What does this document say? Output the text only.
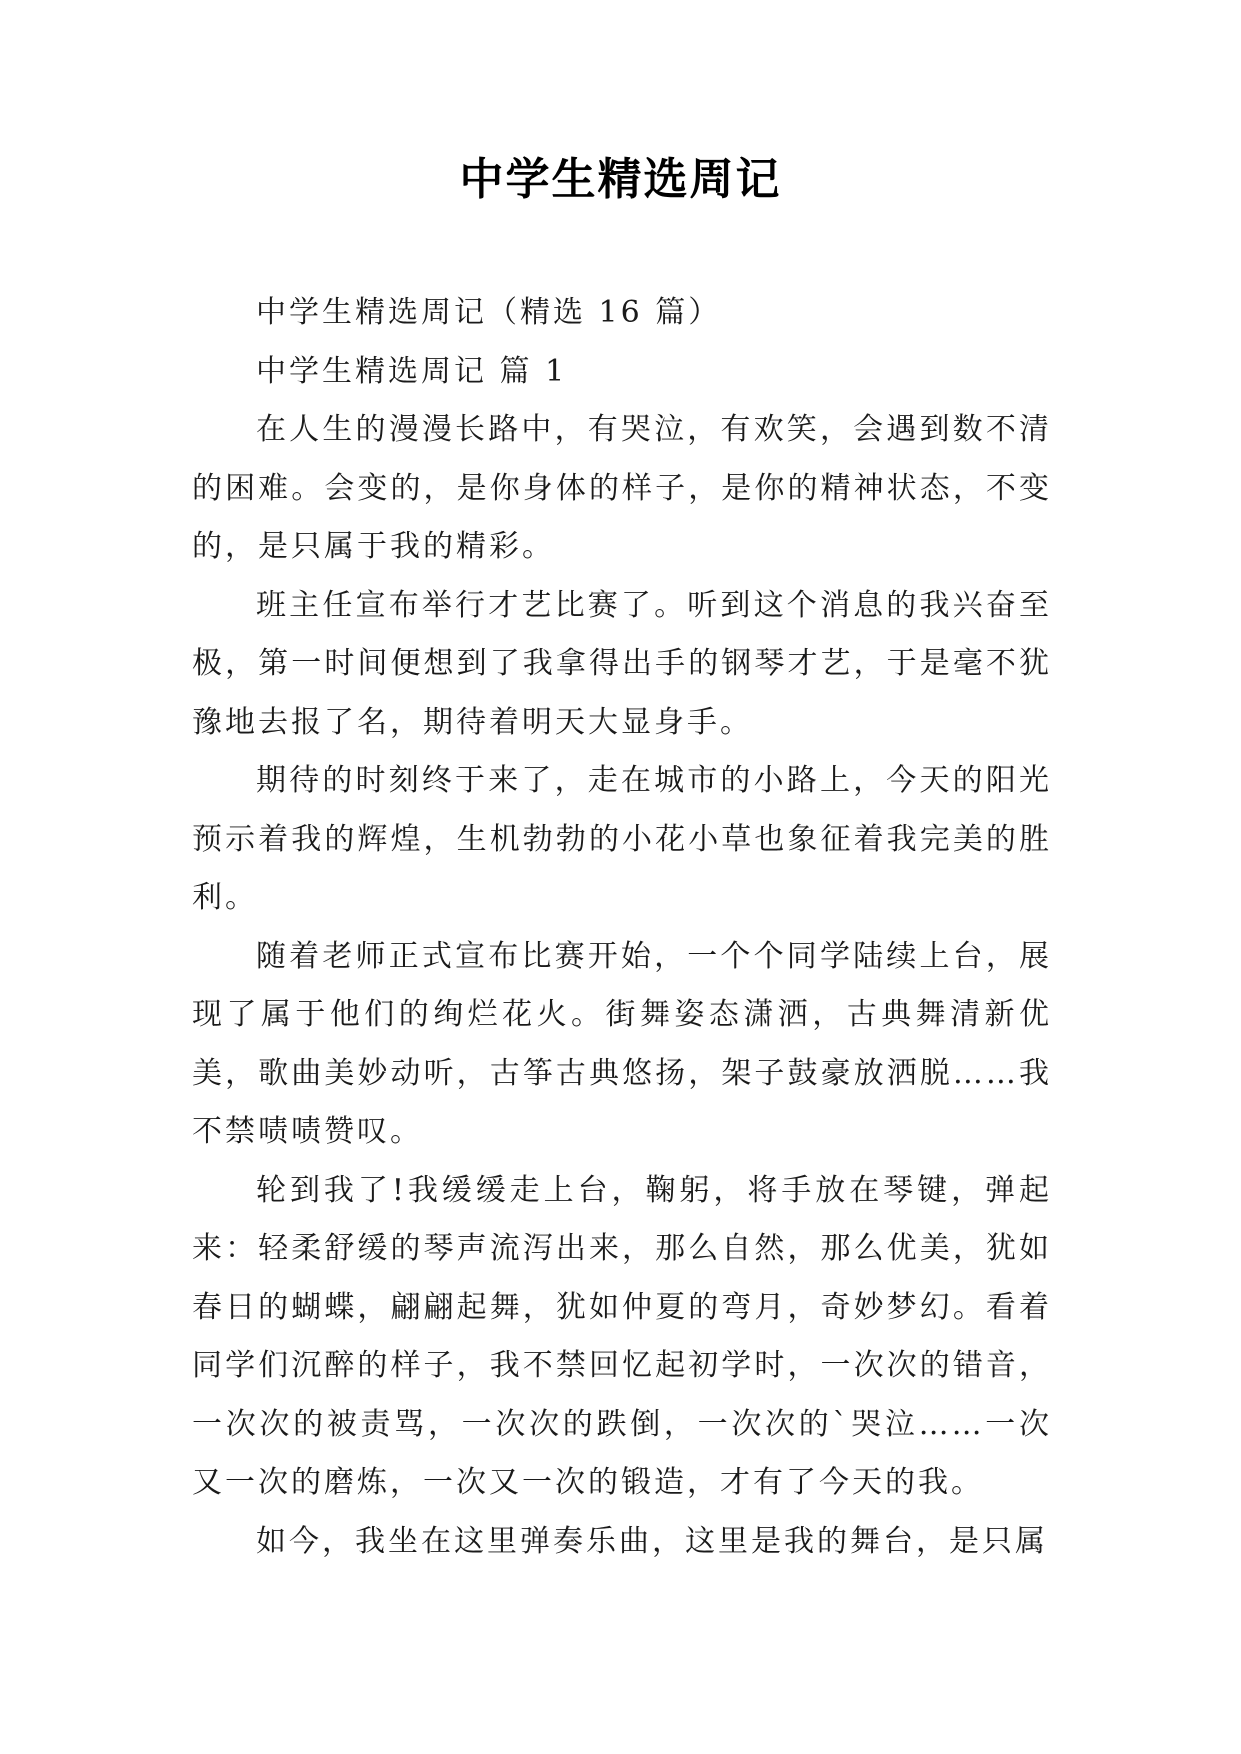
中学生精选周记

中学生精选周记（精选 16 篇）

中学生精选周记 篇 1

在人生的漫漫长路中，有哭泣，有欢笑，会遇到数不清的困难。会变的，是你身体的样子，是你的精神状态，不变的，是只属于我的精彩。

班主任宣布举行才艺比赛了。听到这个消息的我兴奋至极，第一时间便想到了我拿得出手的钢琴才艺，于是毫不犹豫地去报了名，期待着明天大显身手。

期待的时刻终于来了，走在城市的小路上，今天的阳光预示着我的辉煌，生机勃勃的小花小草也象征着我完美的胜利。

随着老师正式宣布比赛开始，一个个同学陆续上台，展现了属于他们的绚烂花火。街舞姿态潇洒，古典舞清新优美，歌曲美妙动听，古筝古典悠扬，架子鼓豪放洒脱……我不禁啧啧赞叹。

轮到我了!我缓缓走上台，鞠躬，将手放在琴键，弹起来：轻柔舒缓的琴声流泻出来，那么自然，那么优美，犹如春日的蝴蝶，翩翩起舞，犹如仲夏的弯月，奇妙梦幻。看着同学们沉醉的样子，我不禁回忆起初学时，一次次的错音，一次次的被责骂，一次次的跌倒，一次次的`哭泣……一次又一次的磨炼，一次又一次的锻造，才有了今天的我。

如今，我坐在这里弹奏乐曲，这里是我的舞台，是只属
